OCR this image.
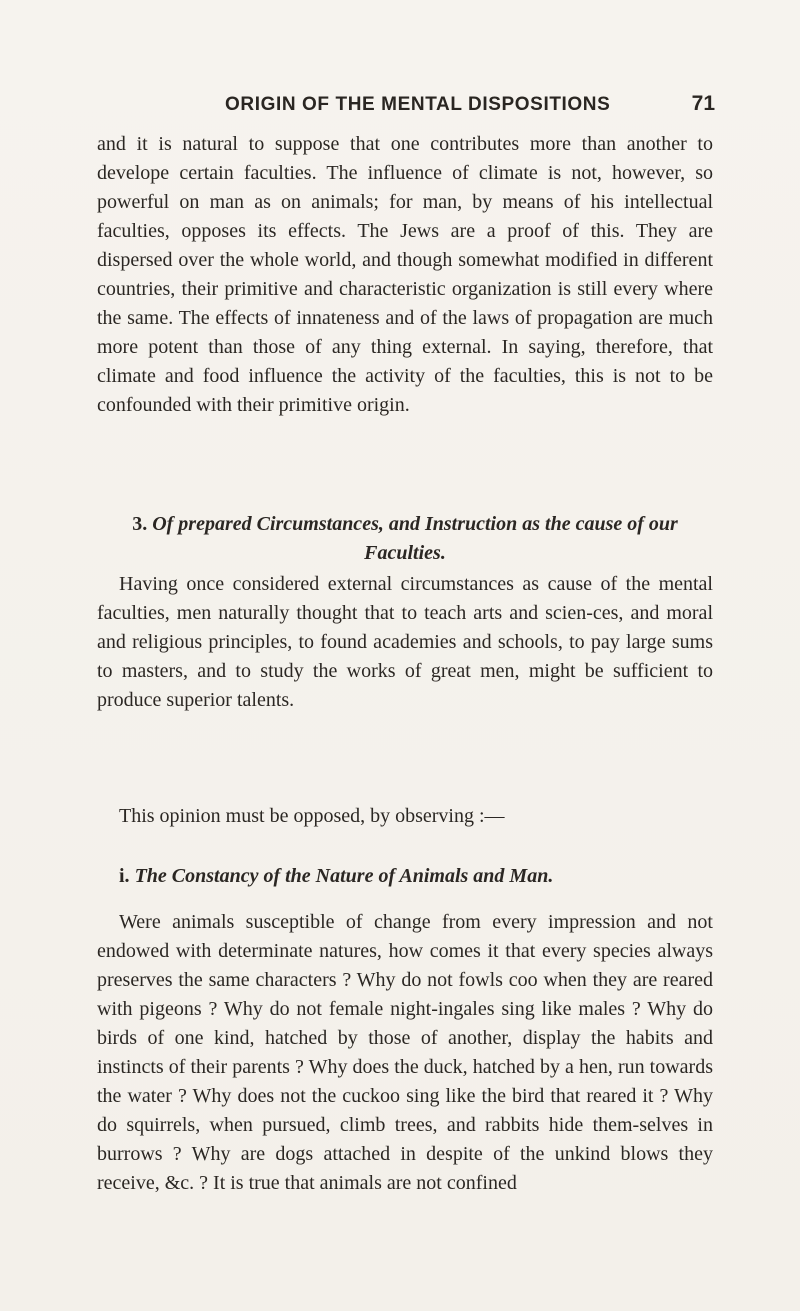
ORIGIN OF THE MENTAL DISPOSITIONS	71
and it is natural to suppose that one contributes more than another to develope certain faculties. The influence of climate is not, however, so powerful on man as on animals; for man, by means of his intellectual faculties, opposes its effects. The Jews are a proof of this. They are dispersed over the whole world, and though somewhat modified in different countries, their primitive and characteristic organization is still every where the same. The effects of innateness and of the laws of propagation are much more potent than those of any thing external. In saying, therefore, that climate and food influence the activity of the faculties, this is not to be confounded with their primitive origin.
3. Of prepared Circumstances, and Instruction as the cause of our Faculties.
Having once considered external circumstances as cause of the mental faculties, men naturally thought that to teach arts and scien-ces, and moral and religious principles, to found academies and schools, to pay large sums to masters, and to study the works of great men, might be sufficient to produce superior talents.
This opinion must be opposed, by observing :—
i. The Constancy of the Nature of Animals and Man.
Were animals susceptible of change from every impression and not endowed with determinate natures, how comes it that every species always preserves the same characters ? Why do not fowls coo when they are reared with pigeons ? Why do not female night-ingales sing like males ? Why do birds of one kind, hatched by those of another, display the habits and instincts of their parents ? Why does the duck, hatched by a hen, run towards the water ? Why does not the cuckoo sing like the bird that reared it ? Why do squirrels, when pursued, climb trees, and rabbits hide them-selves in burrows ? Why are dogs attached in despite of the unkind blows they receive, &c. ? It is true that animals are not confined
